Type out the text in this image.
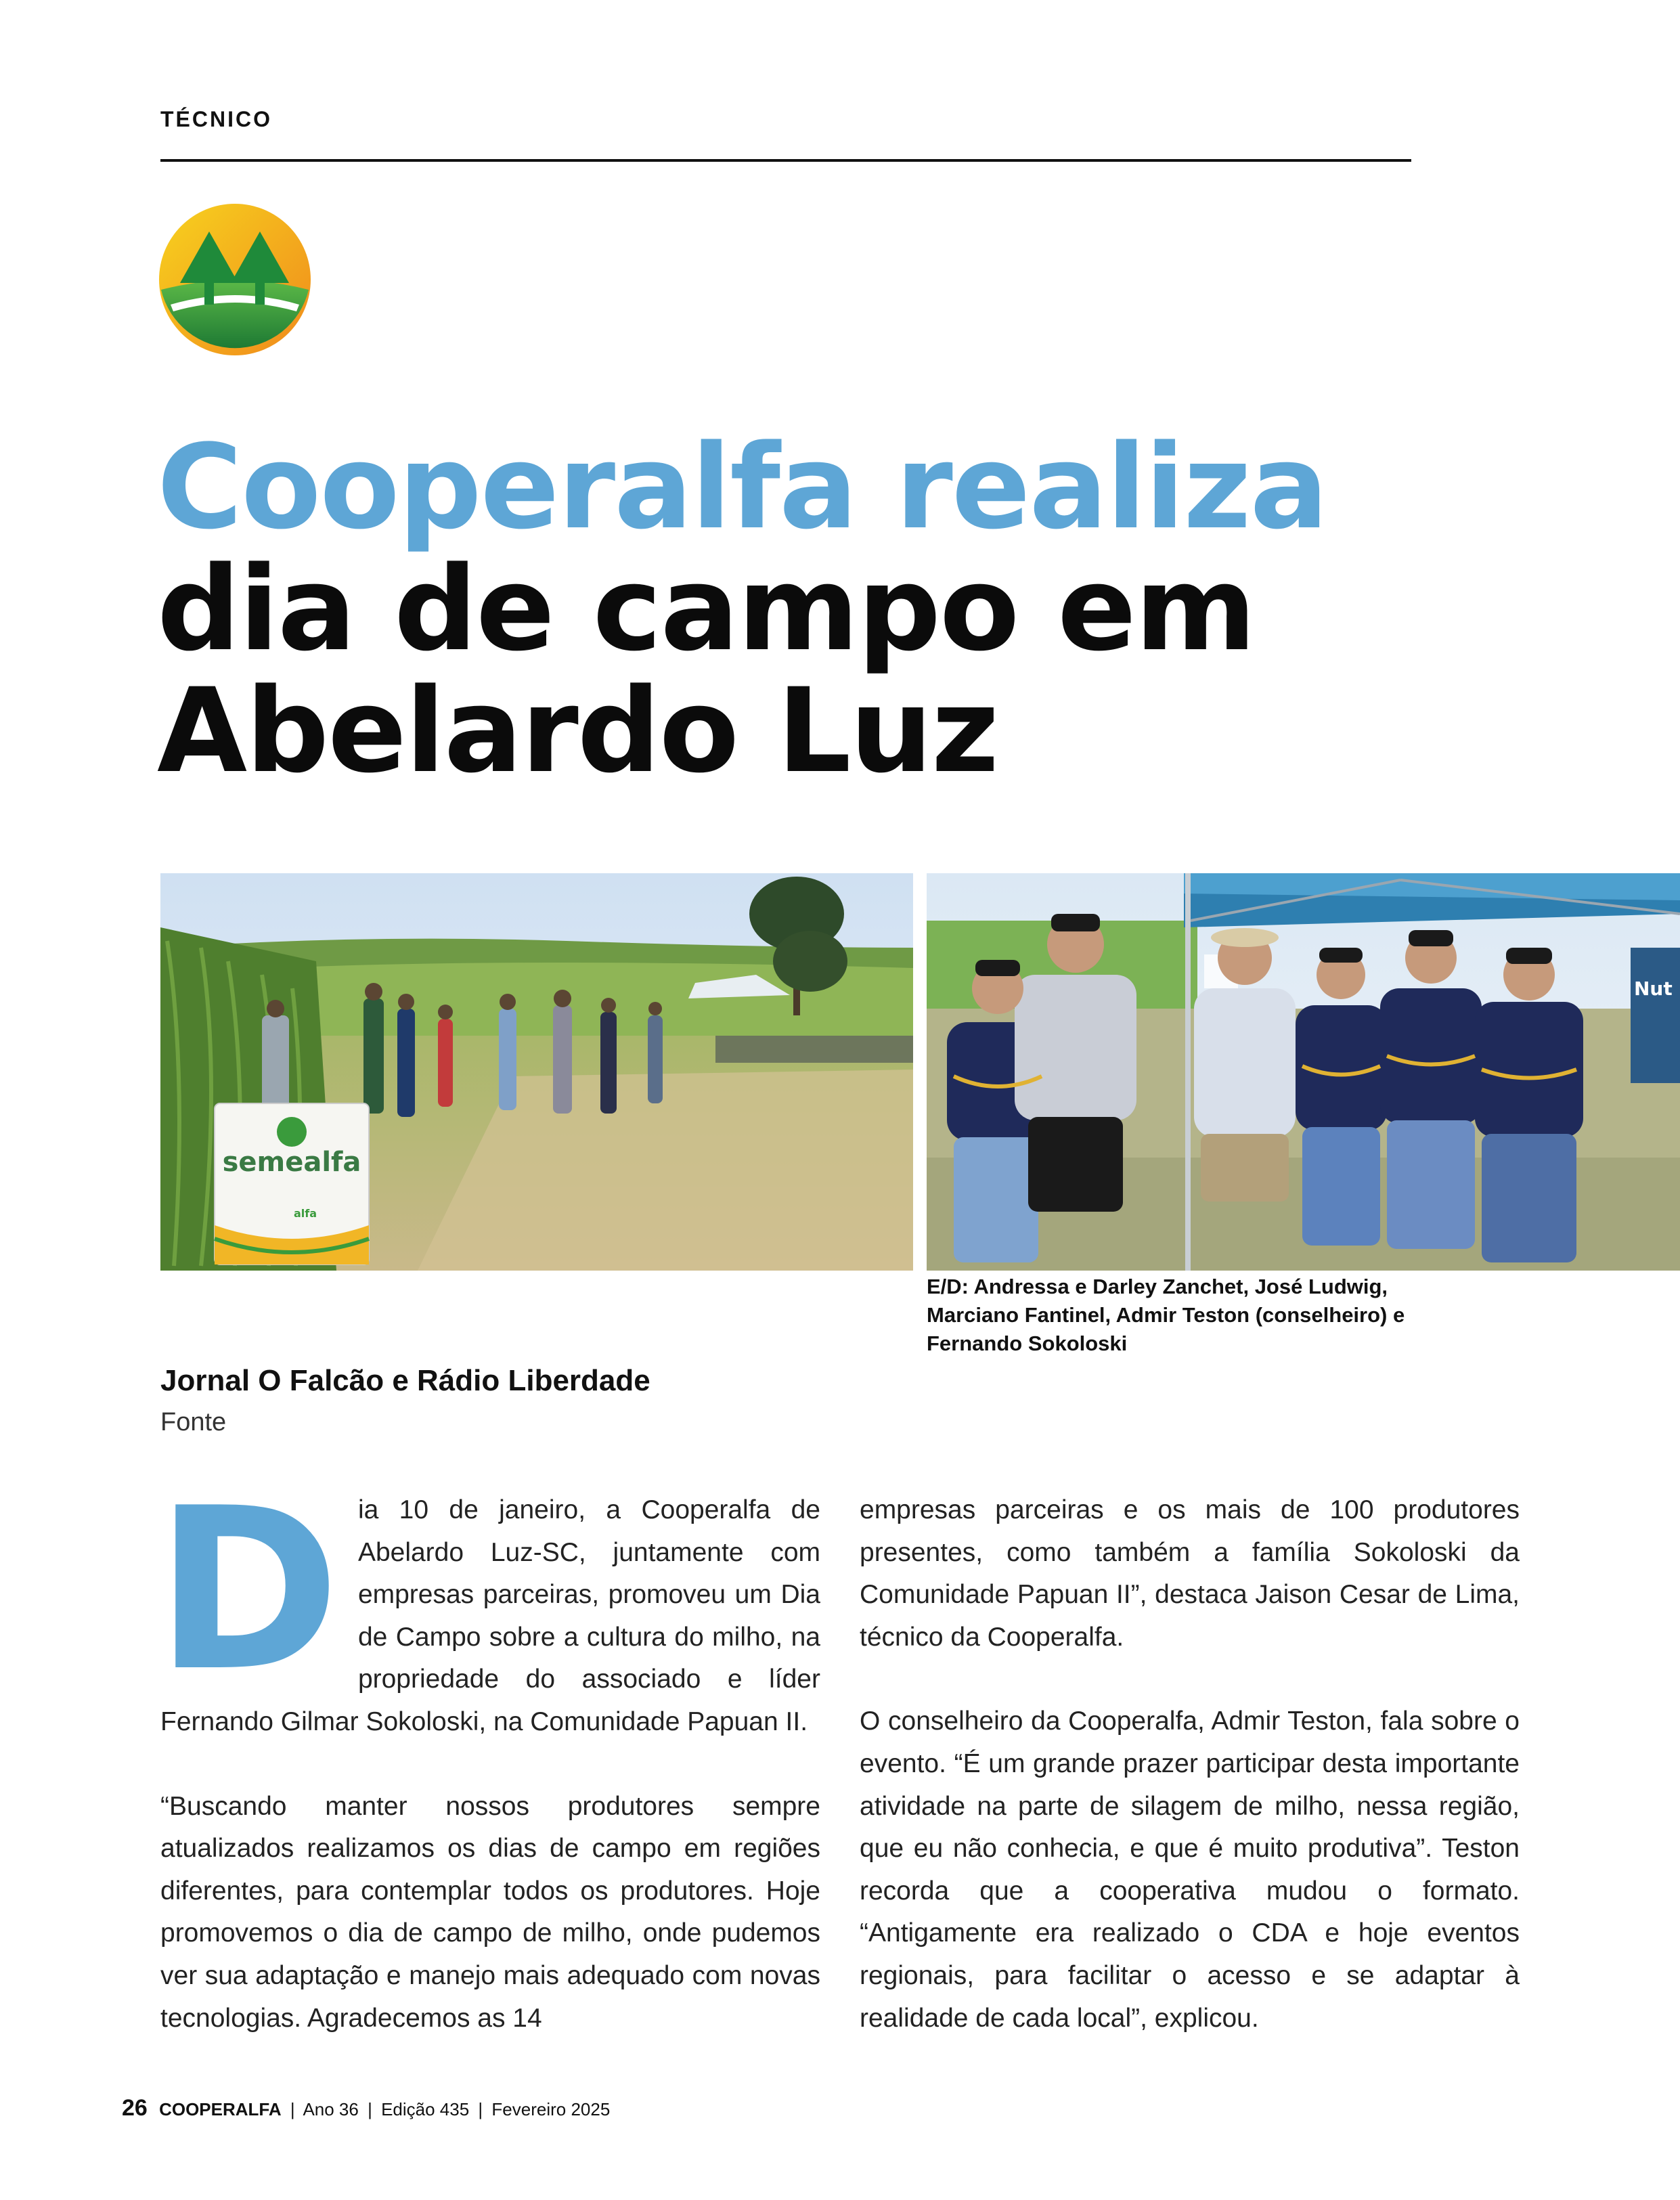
TÉCNICO
Cooperalfa realiza
dia de campo em
Abelardo Luz
semealfa
alfa
Nut
E/D: Andressa e Darley Zanchet, José Ludwig, Marciano Fantinel, Admir Teston (conselheiro) e Fernando Sokoloski
Jornal O Falcão e Rádio Liberdade
Fonte

Dia 10 de janeiro, a Cooperalfa de Abelardo Luz-SC, juntamente com empresas parceiras, promoveu um Dia de Campo sobre a cultura do milho, na propriedade do associado e líder Fernando Gilmar Sokoloski, na Comunidade Papuan II.

“Buscando manter nossos produtores sempre atualizados realizamos os dias de campo em regiões diferentes, para contemplar todos os produtores. Hoje promovemos o dia de campo de milho, onde pudemos ver sua adaptação e manejo mais adequado com novas tecnologias. Agradecemos as 14

empresas parceiras e os mais de 100 produtores presentes, como também a família Sokoloski da Comunidade Papuan II”, destaca Jaison Cesar de Lima, técnico da Cooperalfa.

O conselheiro da Cooperalfa, Admir Teston, fala sobre o evento. “É um grande prazer participar desta importante atividade na parte de silagem de milho, nessa região, que eu não conhecia, e que é muito produtiva”. Teston recorda que a cooperativa mudou o formato. “Antigamente era realizado o CDA e hoje eventos regionais, para facilitar o acesso e se adaptar à realidade de cada local”, explicou.

26 COOPERALFA | Ano 36 | Edição 435 | Fevereiro 2025
